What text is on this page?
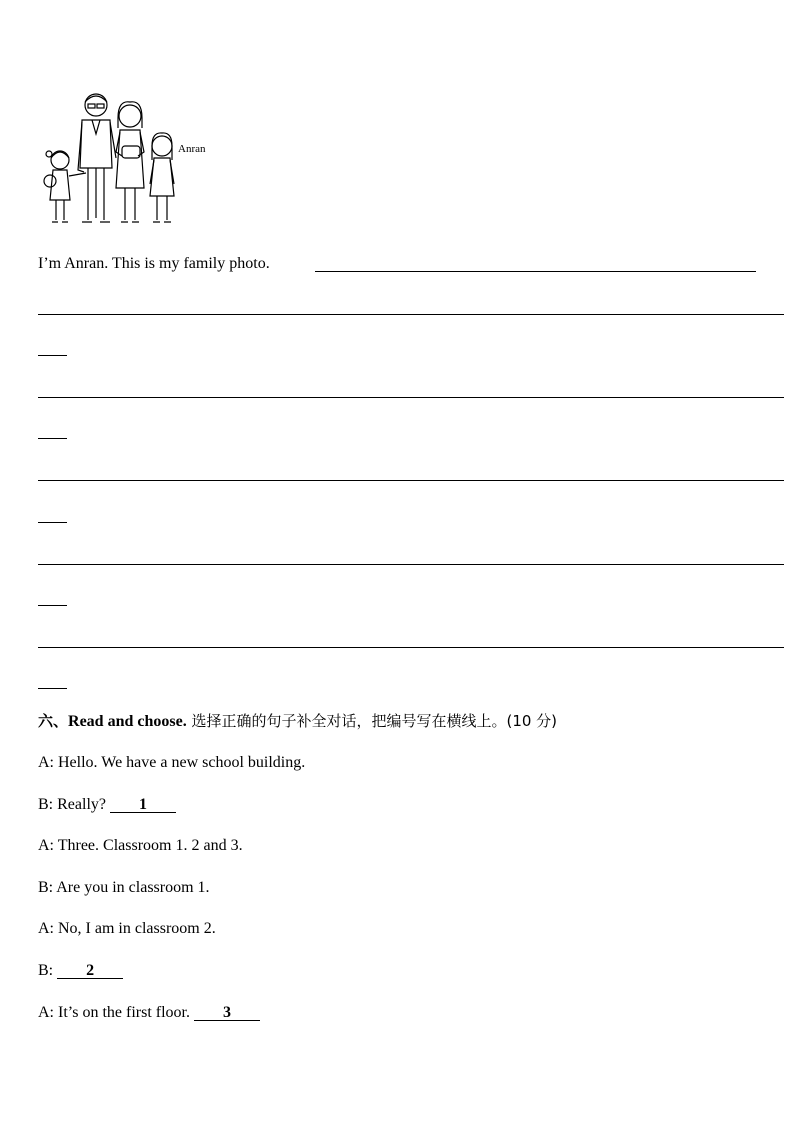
Anran
I’m Anran. This is my family photo.
六、Read and choose. 选择正确的句子补全对话，把编号写在横线上。(10 分)
A: Hello. We have a new school building.
B: Really? 1
A: Three. Classroom 1. 2 and 3.
B: Are you in classroom 1.
A: No, I am in classroom 2.
B: 2
A: It’s on the first floor. 3
